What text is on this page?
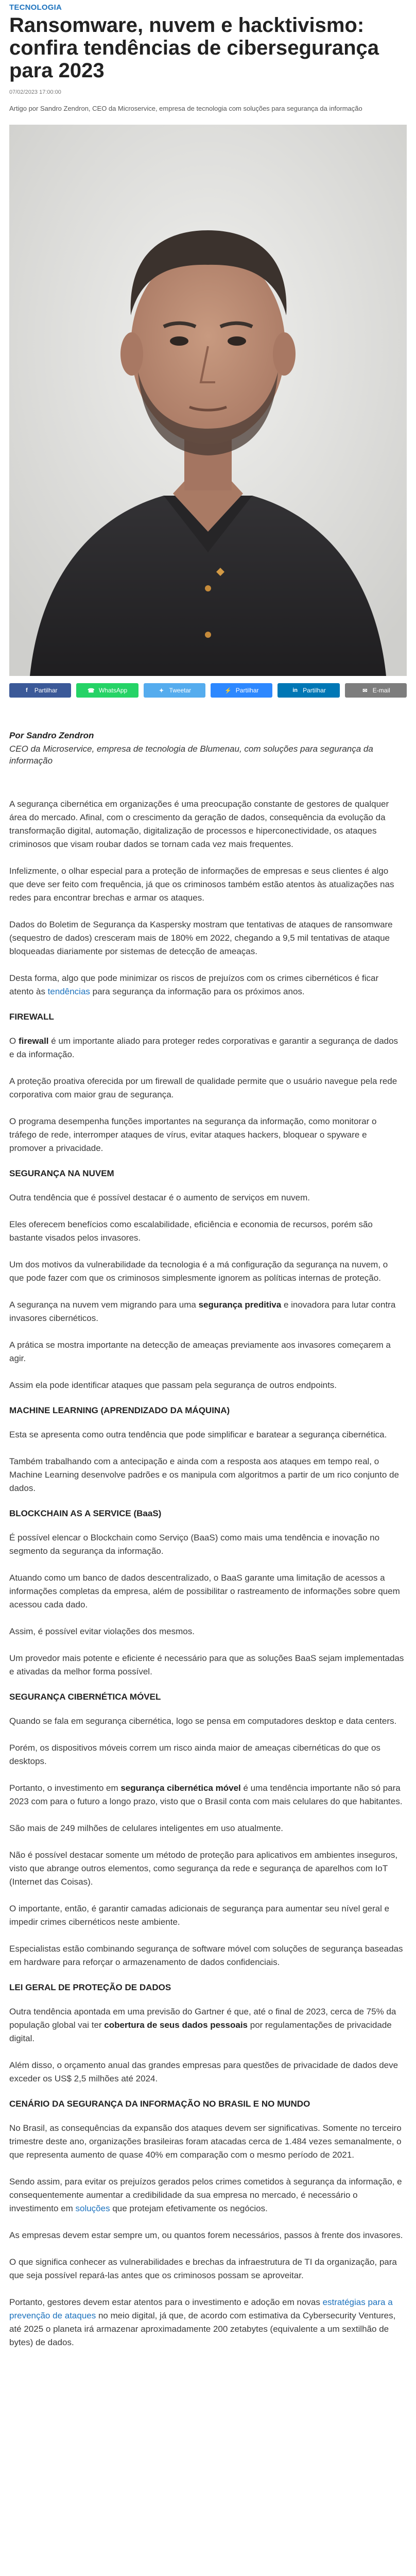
TECNOLOGIA
Ransomware, nuvem e hacktivismo: confira tendências de cibersegurança para 2023
07/02/2023 17:00:00
Artigo por Sandro Zendron, CEO da Microservice, empresa de tecnologia com soluções para segurança da informação
f	Partilhar	☎ WhatsApp	✦ Tweetar	⚡ Partilhar	in Partilhar	✉ E-mail
Por Sandro Zendron
CEO da Microservice, empresa de tecnologia de Blumenau, com soluções para segurança da informação

A segurança cibernética em organizações é uma preocupação constante de gestores de qualquer área do mercado. Afinal, com o crescimento da geração de dados, consequência da evolução da transformação digital, automação, digitalização de processos e hiperconectividade, os ataques criminosos que visam roubar dados se tornam cada vez mais frequentes.

Infelizmente, o olhar especial para a proteção de informações de empresas e seus clientes é algo que deve ser feito com frequência, já que os criminosos também estão atentos às atualizações nas redes para encontrar brechas e armar os ataques.

Dados do Boletim de Segurança da Kaspersky mostram que tentativas de ataques de ransomware (sequestro de dados) cresceram mais de 180% em 2022, chegando a 9,5 mil tentativas de ataque bloqueadas diariamente por sistemas de detecção de ameaças.

Desta forma, algo que pode minimizar os riscos de prejuízos com os crimes cibernéticos é ficar atento às tendências para segurança da informação para os próximos anos.

FIREWALL

O firewall é um importante aliado para proteger redes corporativas e garantir a segurança de dados e da informação.

A proteção proativa oferecida por um firewall de qualidade permite que o usuário navegue pela rede corporativa com maior grau de segurança.

O programa desempenha funções importantes na segurança da informação, como monitorar o tráfego de rede, interromper ataques de vírus, evitar ataques hackers, bloquear o spyware e promover a privacidade.

SEGURANÇA NA NUVEM

Outra tendência que é possível destacar é o aumento de serviços em nuvem.

Eles oferecem benefícios como escalabilidade, eficiência e economia de recursos, porém são bastante visados pelos invasores.

Um dos motivos da vulnerabilidade da tecnologia é a má configuração da segurança na nuvem, o que pode fazer com que os criminosos simplesmente ignorem as políticas internas de proteção.

A segurança na nuvem vem migrando para uma segurança preditiva e inovadora para lutar contra invasores cibernéticos.

A prática se mostra importante na detecção de ameaças previamente aos invasores começarem a agir.

Assim ela pode identificar ataques que passam pela segurança de outros endpoints.

MACHINE LEARNING (APRENDIZADO DA MÁQUINA)

Esta se apresenta como outra tendência que pode simplificar e baratear a segurança cibernética.

Também trabalhando com a antecipação e ainda com a resposta aos ataques em tempo real, o Machine Learning desenvolve padrões e os manipula com algoritmos a partir de um rico conjunto de dados.

BLOCKCHAIN AS A SERVICE (BaaS)

É possível elencar o Blockchain como Serviço (BaaS) como mais uma tendência e inovação no segmento da segurança da informação.

Atuando como um banco de dados descentralizado, o BaaS garante uma limitação de acessos a informações completas da empresa, além de possibilitar o rastreamento de informações sobre quem acessou cada dado.

Assim, é possível evitar violações dos mesmos.

Um provedor mais potente e eficiente é necessário para que as soluções BaaS sejam implementadas e ativadas da melhor forma possível.

SEGURANÇA CIBERNÉTICA MÓVEL

Quando se fala em segurança cibernética, logo se pensa em computadores desktop e data centers.

Porém, os dispositivos móveis correm um risco ainda maior de ameaças cibernéticas do que os desktops.

Portanto, o investimento em segurança cibernética móvel é uma tendência importante não só para 2023 com para o futuro a longo prazo, visto que o Brasil conta com mais celulares do que habitantes.

São mais de 249 milhões de celulares inteligentes em uso atualmente.

Não é possível destacar somente um método de proteção para aplicativos em ambientes inseguros, visto que abrange outros elementos, como segurança da rede e segurança de aparelhos com IoT (Internet das Coisas).

O importante, então, é garantir camadas adicionais de segurança para aumentar seu nível geral e impedir crimes cibernéticos neste ambiente.

Especialistas estão combinando segurança de software móvel com soluções de segurança baseadas em hardware para reforçar o armazenamento de dados confidenciais.

LEI GERAL DE PROTEÇÃO DE DADOS

Outra tendência apontada em uma previsão do Gartner é que, até o final de 2023, cerca de 75% da população global vai ter cobertura de seus dados pessoais por regulamentações de privacidade digital.

Além disso, o orçamento anual das grandes empresas para questões de privacidade de dados deve exceder os US$ 2,5 milhões até 2024.

CENÁRIO DA SEGURANÇA DA INFORMAÇÃO NO BRASIL E NO MUNDO

No Brasil, as consequências da expansão dos ataques devem ser significativas. Somente no terceiro trimestre deste ano, organizações brasileiras foram atacadas cerca de 1.484 vezes semanalmente, o que representa aumento de quase 40% em comparação com o mesmo período de 2021.

Sendo assim, para evitar os prejuízos gerados pelos crimes cometidos à segurança da informação, e consequentemente aumentar a credibilidade da sua empresa no mercado, é necessário o investimento em soluções que protejam efetivamente os negócios.

As empresas devem estar sempre um, ou quantos forem necessários, passos à frente dos invasores.

O que significa conhecer as vulnerabilidades e brechas da infraestrutura de TI da organização, para que seja possível repará-las antes que os criminosos possam se aproveitar.

Portanto, gestores devem estar atentos para o investimento e adoção em novas estratégias para a prevenção de ataques no meio digital, já que, de acordo com estimativa da Cybersecurity Ventures, até 2025 o planeta irá armazenar aproximadamente 200 zetabytes (equivalente a um sextilhão de bytes) de dados.
